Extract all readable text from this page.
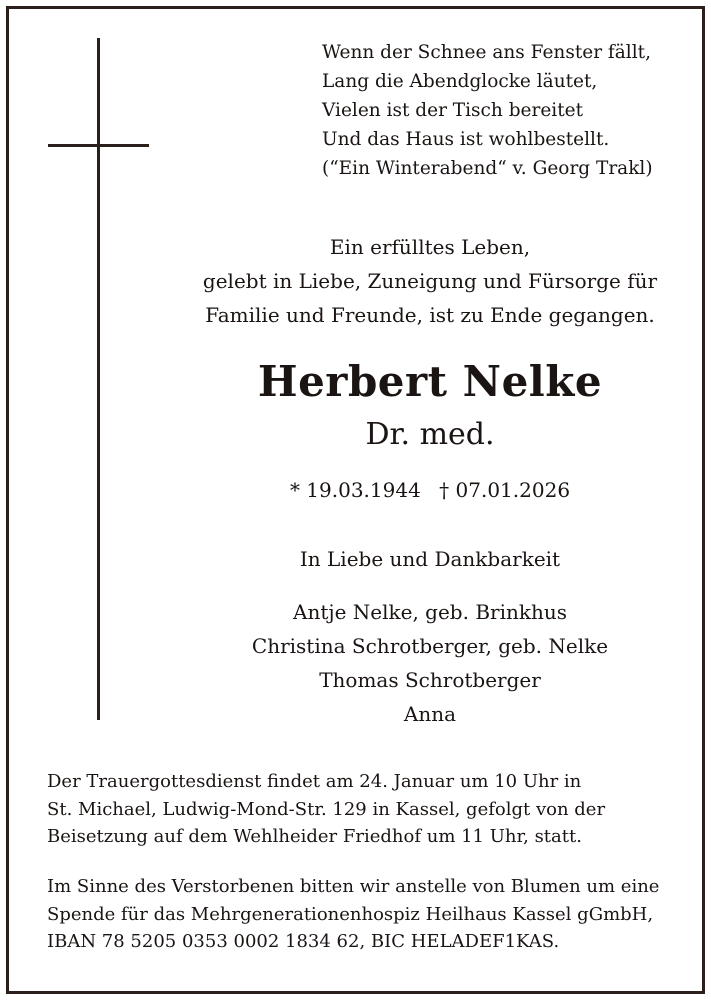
Wenn der Schnee ans Fenster fällt,
Lang die Abendglocke läutet,
Vielen ist der Tisch bereitet
Und das Haus ist wohlbestellt.
(“Ein Winterabend“ v. Georg Trakl)
Ein erfülltes Leben,
gelebt in Liebe, Zuneigung und Fürsorge für
Familie und Freunde, ist zu Ende gegangen.
Herbert Nelke
Dr. med.
* 19.03.1944 † 07.01.2026
In Liebe und Dankbarkeit
Antje Nelke, geb. Brinkhus
Christina Schrotberger, geb. Nelke
Thomas Schrotberger
Anna
Der Trauergottesdienst findet am 24. Januar um 10 Uhr in
St. Michael, Ludwig-Mond-Str. 129 in Kassel, gefolgt von der
Beisetzung auf dem Wehlheider Friedhof um 11 Uhr, statt.
Im Sinne des Verstorbenen bitten wir anstelle von Blumen um eine
Spende für das Mehrgenerationenhospiz Heilhaus Kassel gGmbH,
IBAN 78 5205 0353 0002 1834 62, BIC HELADEF1KAS.
